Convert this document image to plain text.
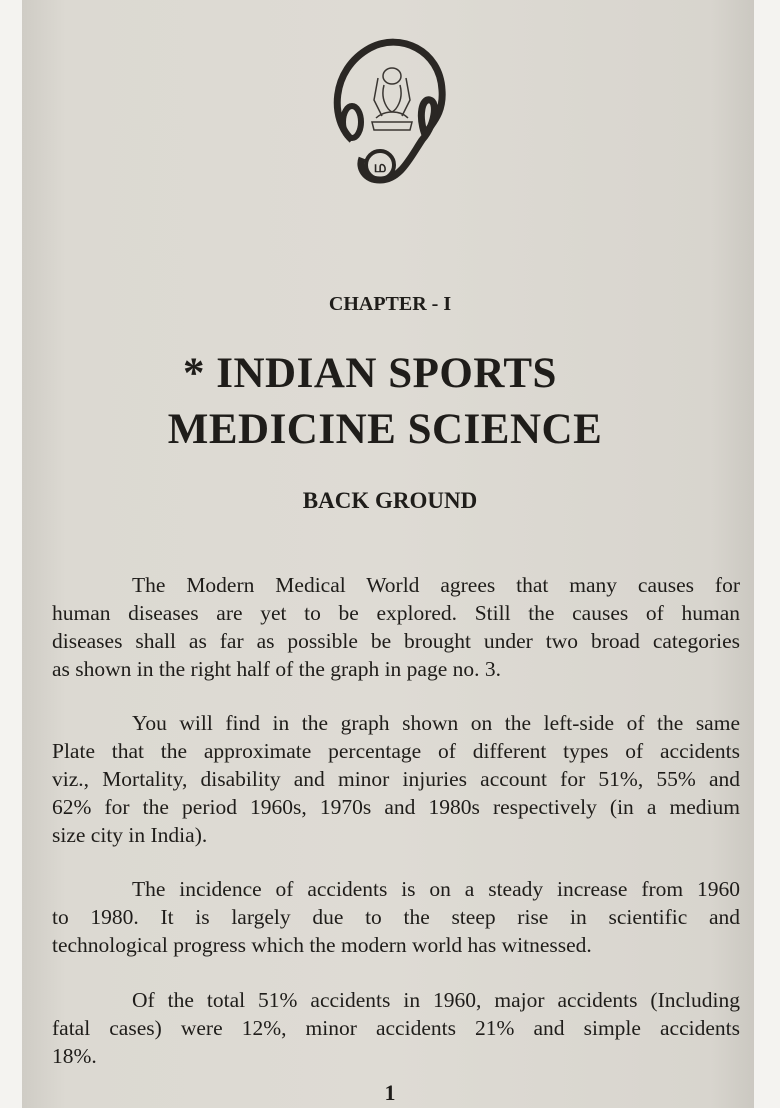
ம
CHAPTER - I
* INDIAN SPORTS
MEDICINE SCIENCE
BACK GROUND
The Modern Medical World agrees that many causes for
human diseases are yet to be explored. Still the causes of human
diseases shall as far as possible be brought under two broad categories
as shown in the right half of the graph in page no. 3.
You will find in the graph shown on the left-side of the same
Plate that the approximate percentage of different types of accidents
viz., Mortality, disability and minor injuries account for 51%, 55% and
62% for the period 1960s, 1970s and 1980s respectively (in a medium
size city in India).
The incidence of accidents is on a steady increase from 1960
to 1980. It is largely due to the steep rise in scientific and
technological progress which the modern world has witnessed.
Of the total 51% accidents in 1960, major accidents (Including
fatal cases) were 12%, minor accidents 21% and simple accidents
18%.
1
